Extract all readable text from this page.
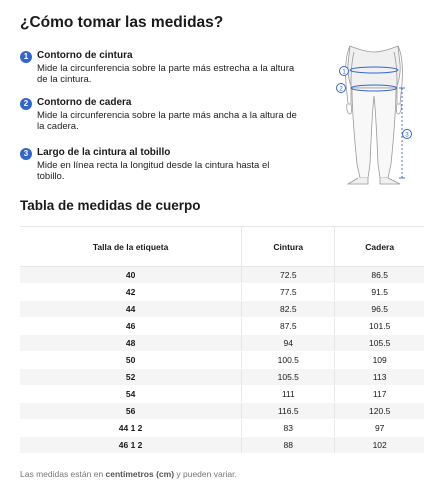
¿Cómo tomar las medidas?
1 Contorno de cintura
Mide la circunferencia sobre la parte más estrecha a la altura de la cintura.
2 Contorno de cadera
Mide la circunferencia sobre la parte más ancha a la altura de la cadera.
3 Largo de la cintura al tobillo
Mide en línea recta la longitud desde la cintura hasta el tobillo.
1
2
3
Tabla de medidas de cuerpo
Talla de la etiqueta	Cintura	Cadera
40	72.5	86.5
42	77.5	91.5
44	82.5	96.5
46	87.5	101.5
48	94	105.5
50	100.5	109
52	105.5	113
54	111	117
56	116.5	120.5
44 1 2	83	97
46 1 2	88	102
Las medidas están en centímetros (cm) y pueden variar.
